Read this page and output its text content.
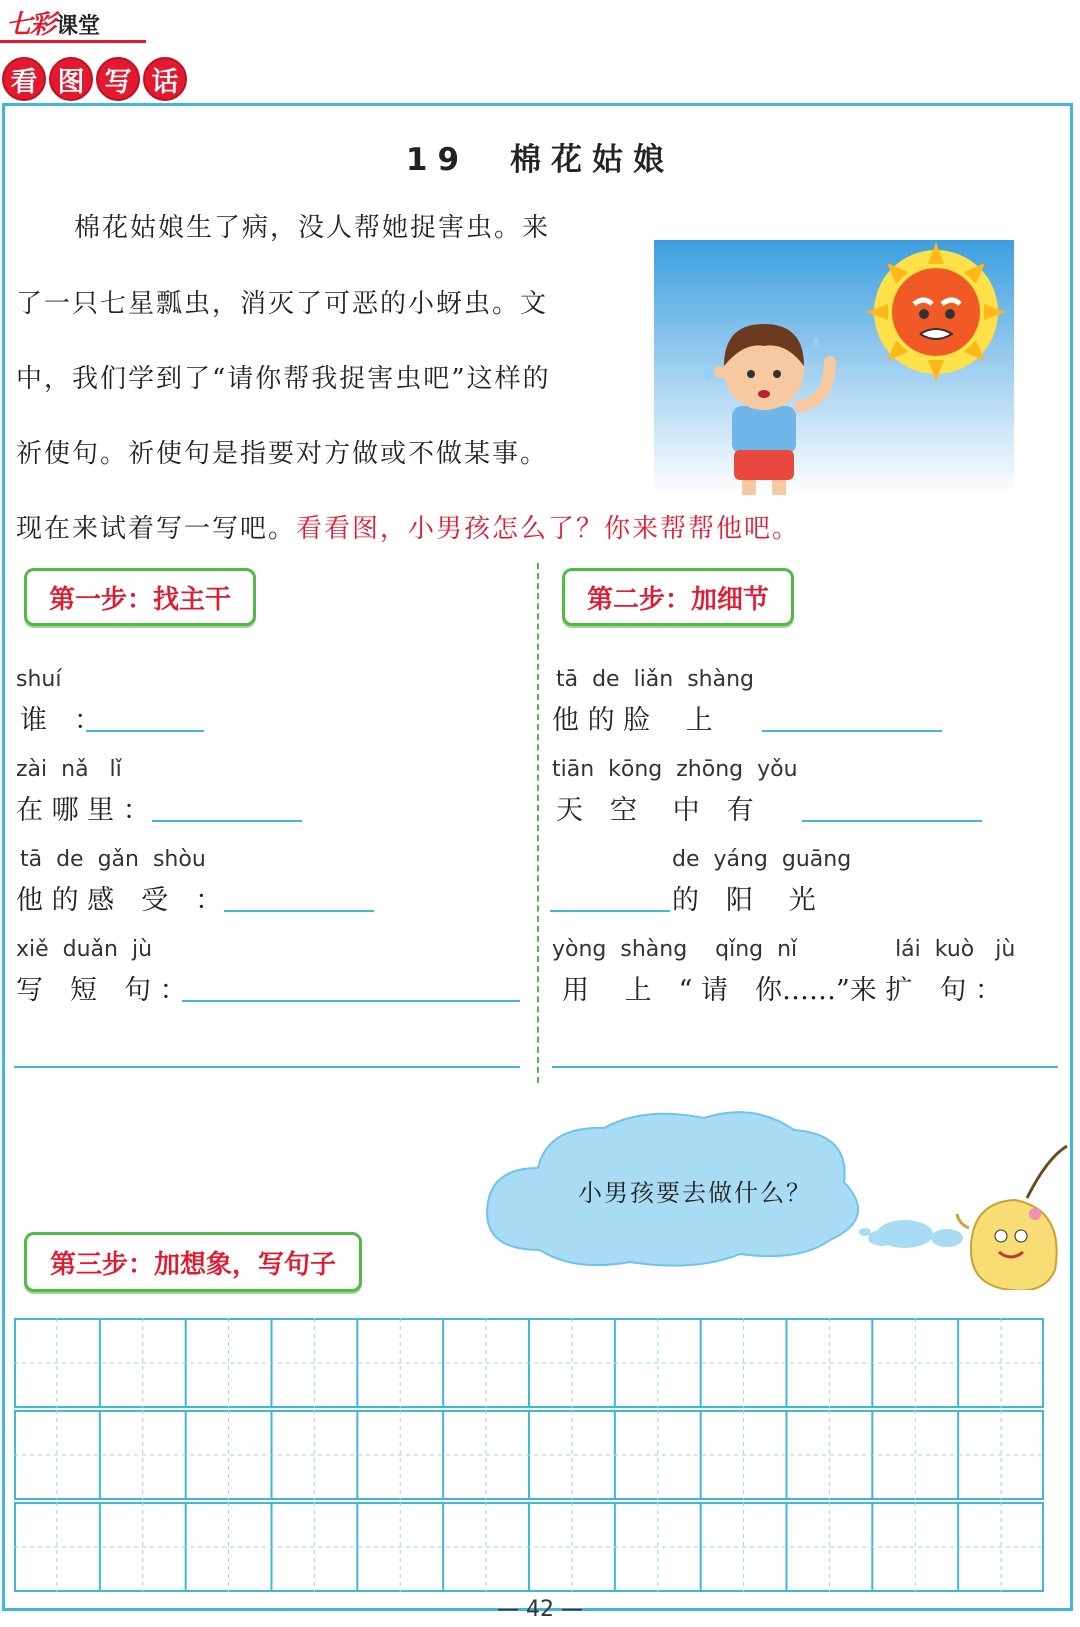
七彩课堂
看 图 写 话
19　棉花姑娘
棉花姑娘生了病，没人帮她捉害虫。来
了一只七星瓢虫，消灭了可恶的小蚜虫。文
中，我们学到了“请你帮我捉害虫吧”这样的
祈使句。祈使句是指要对方做或不做某事。
现在来试着写一写吧。看看图，小男孩怎么了？你来帮帮他吧。
第一步：找主干
shuí
谁　：
zài  nǎ   lǐ
在 哪 里 ：
tā  de  gǎn  shòu
他 的 感　受　：
xiě  duǎn  jù
写　短　句 ：
第二步：加细节
tā  de  liǎn  shàng
他 的 脸　 上
tiān  kōng  zhōng  yǒu
天　空　 中　有
de  yáng  guāng
的　阳　 光
yòng  shàng    qǐng  nǐ              lái  kuò   jù
用　 上　“ 请　你……”来 扩　句 ：
小男孩要去做什么？
第三步：加想象，写句子
— 42 —
